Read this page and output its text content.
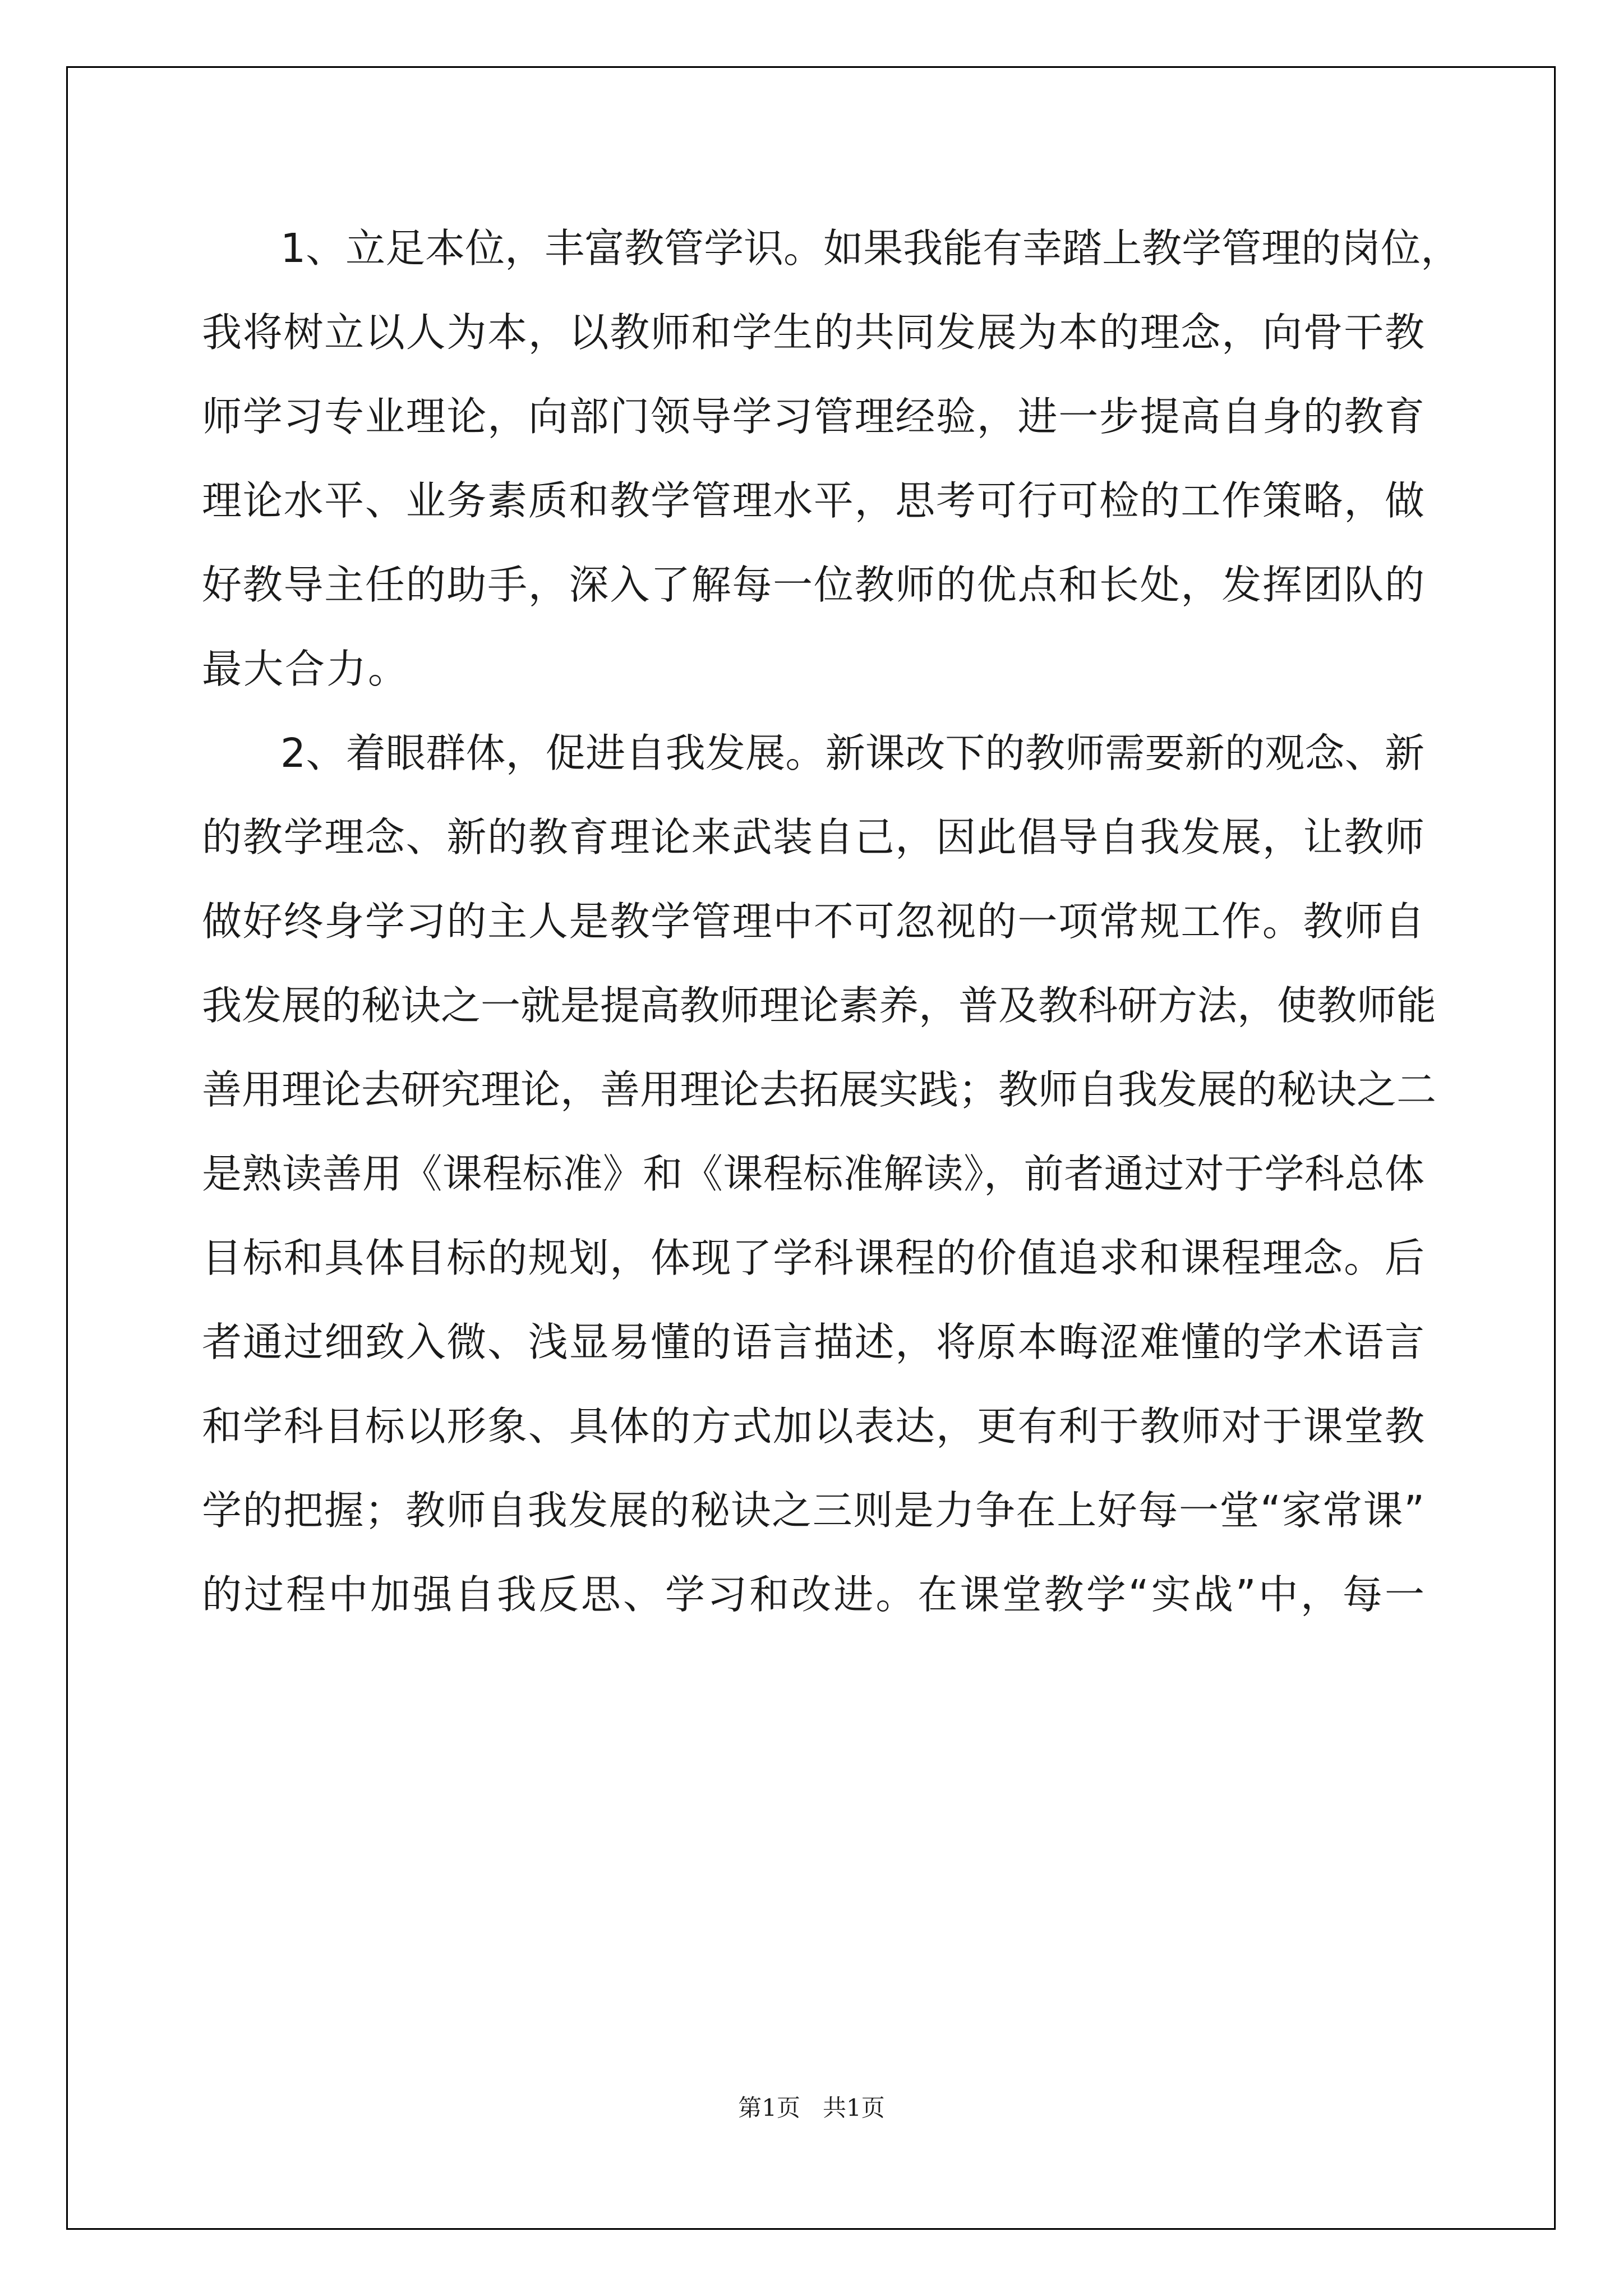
1、立足本位，丰富教管学识。如果我能有幸踏上教学管理的岗位，
我将树立以人为本，以教师和学生的共同发展为本的理念，向骨干教
师学习专业理论，向部门领导学习管理经验，进一步提高自身的教育
理论水平、业务素质和教学管理水平，思考可行可检的工作策略，做
好教导主任的助手，深入了解每一位教师的优点和长处，发挥团队的
最大合力。
2、着眼群体，促进自我发展。新课改下的教师需要新的观念、新
的教学理念、新的教育理论来武装自己，因此倡导自我发展，让教师
做好终身学习的主人是教学管理中不可忽视的一项常规工作。教师自
我发展的秘诀之一就是提高教师理论素养，普及教科研方法，使教师能
善用理论去研究理论，善用理论去拓展实践；教师自我发展的秘诀之二
是熟读善用《课程标准》和《课程标准解读》，前者通过对于学科总体
目标和具体目标的规划，体现了学科课程的价值追求和课程理念。后
者通过细致入微、浅显易懂的语言描述，将原本晦涩难懂的学术语言
和学科目标以形象、具体的方式加以表达，更有利于教师对于课堂教
学的把握；教师自我发展的秘诀之三则是力争在上好每一堂“家常课”
的过程中加强自我反思、学习和改进。在课堂教学“实战”中，每一
第1页   共1页
